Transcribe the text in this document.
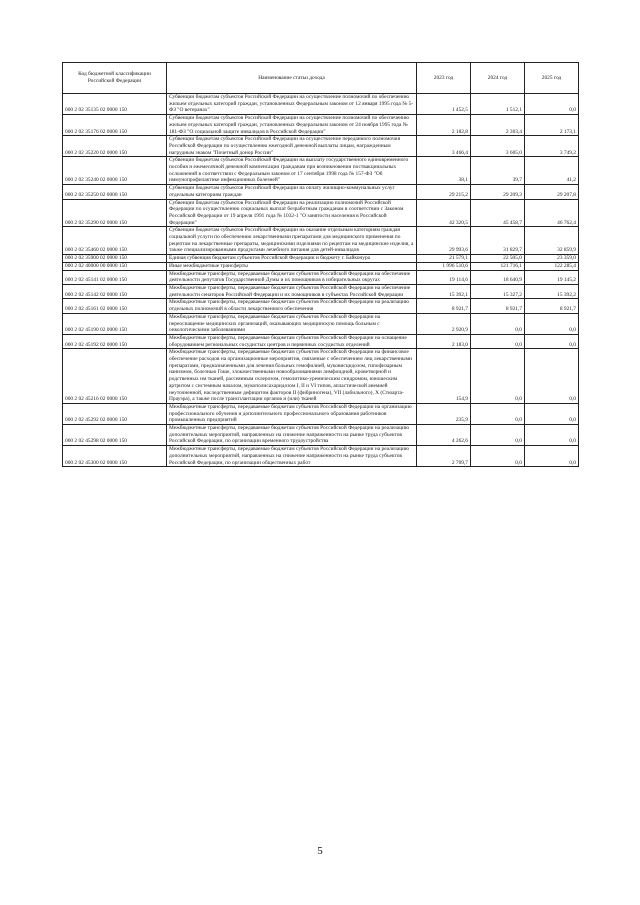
Код бюджетной классификации Российской Федерации	Наименование статьи дохода	2023 год	2024 год	2025 год
000 2 02 35135 02 0000 150	Субвенции бюджетам субъектов Российской Федерации на осуществление полномочий по обеспечению жильем отдельных категорий граждан, установленных Федеральным законом от 12 января 1995 года № 5-ФЗ "О ветеранах"	1 452,5	1 512,1	0,0
000 2 02 35176 02 0000 150	Субвенции бюджетам субъектов Российской Федерации на осуществление полномочий по обеспечению жильем отдельных категорий граждан, установленных Федеральным законом от 24 ноября 1995 года № 181-ФЗ "О социальной защите инвалидов в Российской Федерации"	2 182,8	2 303,4	2 173,1
000 2 02 35220 02 0000 150	Субвенции бюджетам субъектов Российской Федерации на осуществление переданного полномочия Российской Федерации по осуществлению ежегодной денежной выплаты лицам, награжденным нагрудным знаком "Почетный донор России"	3 466,4	3 605,0	3 749,2
000 2 02 35240 02 0000 150	Субвенции бюджетам субъектов Российской Федерации на выплату государственного единовременного пособия и ежемесячной денежной компенсации гражданам при возникновении поствакцинальных осложнений в соответствии с Федеральным законом от 17 сентября 1998 года № 157-ФЗ "Об иммунопрофилактике инфекционных болезней"	38,1	39,7	41,2
000 2 02 35250 02 0000 150	Субвенции бюджетам субъектов Российской Федерации на оплату жилищно-коммунальных услуг отдельным категориям граждан	29 215,2	29 209,3	29 207,8
000 2 02 35290 02 0000 150	Субвенции бюджетам субъектов Российской Федерации на реализацию полномочий Российской Федерации по осуществлению социальных выплат безработным гражданам в соответствии с Законом Российской Федерации от 19 апреля 1991 года № 1032-1 "О занятости населения в Российской Федерации"	42 320,5	45 458,7	46 762,4
000 2 02 35460 02 0000 150	Субвенции бюджетам субъектов Российской Федерации на оказание отдельным категориям граждан социальной услуги по обеспечению лекарственными препаратами для медицинского применения по рецептам на лекарственные препараты, медицинскими изделиями по рецептам на медицинские изделия, а также специализированными продуктами лечебного питания для детей-инвалидов	29 993,6	31 829,7	32 859,9
000 2 02 35900 02 0000 150	Единая субвенция бюджетам субъектов Российской Федерации и бюджету г. Байконура	21 579,1	22 505,0	23 359,0
000 2 02 40000 00 0000 150	Иные межбюджетные трансферты	1 996 510,6	121 716,1	122 285,4
000 2 02 45141 02 0000 150	Межбюджетные трансферты, передаваемые бюджетам субъектов Российской Федерации на обеспечение деятельности депутатов Государственной Думы и их помощников в избирательных округах	19 114,6	18 640,9	19 145,2
000 2 02 45142 02 0000 150	Межбюджетные трансферты, передаваемые бюджетам субъектов Российской Федерации на обеспечение деятельности сенаторов Российской Федерации и их помощников в субъектах Российской Федерации	15 392,1	15 327,2	15 392,2
000 2 02 45161 02 0000 150	Межбюджетные трансферты, передаваемые бюджетам субъектов Российской Федерации на реализацию отдельных полномочий в области лекарственного обеспечения	8 921,7	8 921,7	8 921,7
000 2 02 45190 02 0000 150	Межбюджетные трансферты, передаваемые бюджетам субъектов Российской Федерации на переоснащение медицинских организаций, оказывающих медицинскую помощь больным с онкологическими заболеваниями	2 920,9	0,0	0,0
000 2 02 45192 02 0000 150	Межбюджетные трансферты, передаваемые бюджетам субъектов Российской Федерации на оснащение оборудованием региональных сосудистых центров и первичных сосудистых отделений	2 183,0	0,0	0,0
000 2 02 45216 02 0000 150	Межбюджетные трансферты, передаваемые бюджетам субъектов Российской Федерации на финансовое обеспечение расходов на организационные мероприятия, связанные с обеспечением лиц лекарственными препаратами, предназначенными для лечения больных гемофилией, муковисцидозом, гипофизарным нанизмом, болезнью Гоше, злокачественными новообразованиями лимфоидной, кроветворной и родственных им тканей, рассеянным склерозом, гемолитико-уремическим синдромом, юношеским артритом с системным началом, мукополисахаридозом I, II и VI типов, апластической анемией неуточненной, наследственным дефицитом факторов II (фибриногена), VII (лабильного), X (Стюарта-Прауэра), а также после трансплантации органов и (или) тканей	154,9	0,0	0,0
000 2 02 45292 02 0000 150	Межбюджетные трансферты, передаваемые бюджетам субъектов Российской Федерации на организацию профессионального обучения и дополнительного профессионального образования работников промышленных предприятий	235,9	0,0	0,0
000 2 02 45298 02 0000 150	Межбюджетные трансферты, передаваемые бюджетам субъектов Российской Федерации на реализацию дополнительных мероприятий, направленных на снижение напряженности на рынке труда субъектов Российской Федерации, по организации временного трудоустройства	4 262,6	0,0	0,0
000 2 02 45300 02 0000 150	Межбюджетные трансферты, передаваемые бюджетам субъектов Российской Федерации на реализацию дополнительных мероприятий, направленных на снижение напряженности на рынке труда субъектов Российской Федерации, по организации общественных работ	2 709,7	0,0	0,0
5
